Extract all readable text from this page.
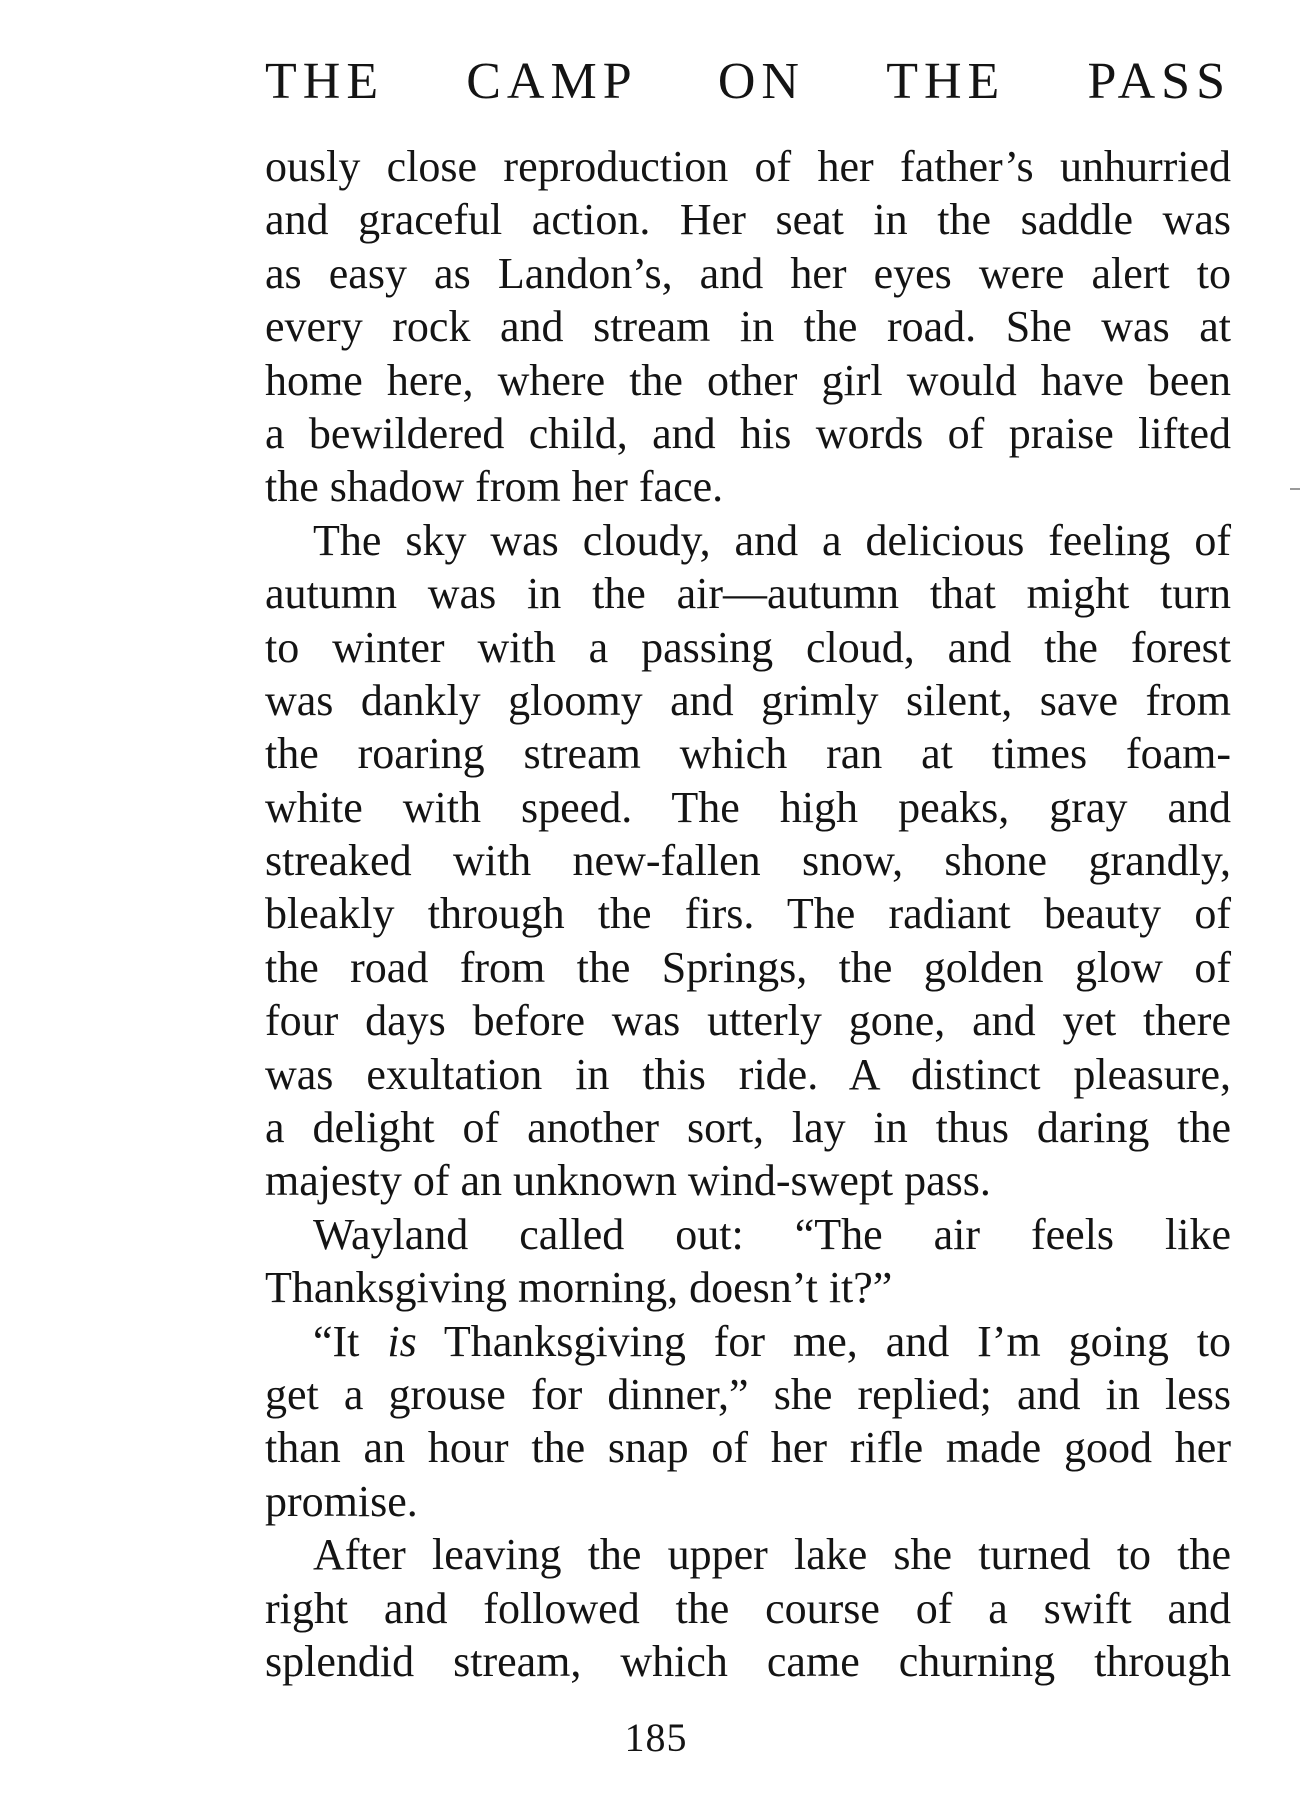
THE CAMP ON THE PASS
ously close reproduction of her father’s unhurried
and graceful action. Her seat in the saddle was
as easy as Landon’s, and her eyes were alert to
every rock and stream in the road. She was at
home here, where the other girl would have been
a bewildered child, and his words of praise lifted
the shadow from her face.
The sky was cloudy, and a delicious feeling of
autumn was in the air—autumn that might turn
to winter with a passing cloud, and the forest
was dankly gloomy and grimly silent, save from
the roaring stream which ran at times foam-
white with speed. The high peaks, gray and
streaked with new-fallen snow, shone grandly,
bleakly through the firs. The radiant beauty of
the road from the Springs, the golden glow of
four days before was utterly gone, and yet there
was exultation in this ride. A distinct pleasure,
a delight of another sort, lay in thus daring the
majesty of an unknown wind-swept pass.
Wayland called out: “The air feels like
Thanksgiving morning, doesn’t it?”
“It is Thanksgiving for me, and I’m going to
get a grouse for dinner,” she replied; and in less
than an hour the snap of her rifle made good her
promise.
After leaving the upper lake she turned to the
right and followed the course of a swift and
splendid stream, which came churning through
185
